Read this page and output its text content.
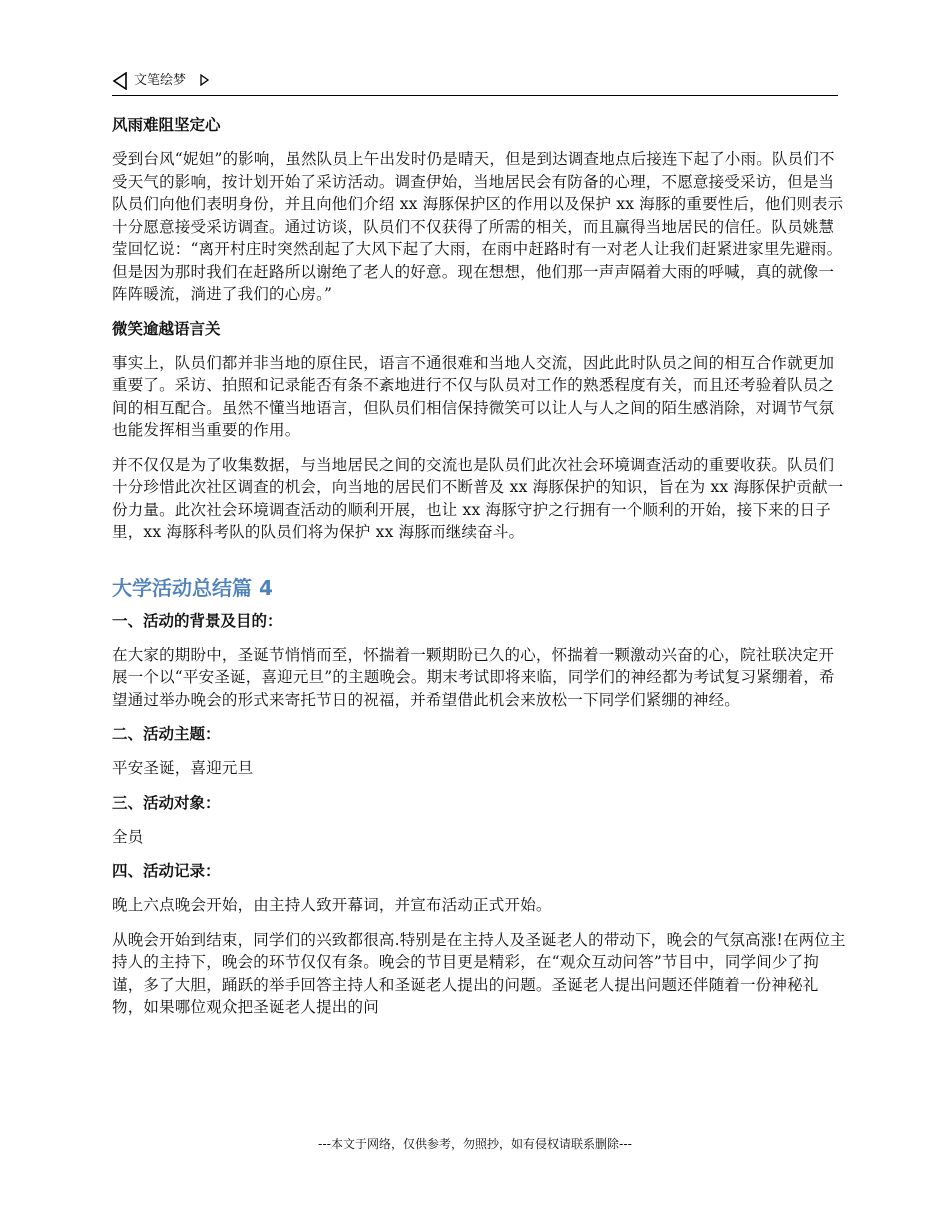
文笔绘梦
风雨难阻坚定心

受到台风“妮妲”的影响，虽然队员上午出发时仍是晴天，但是到达调查地点后接连下起了小雨。队员们不受天气的影响，按计划开始了采访活动。调查伊始，当地居民会有防备的心理，不愿意接受采访，但是当队员们向他们表明身份，并且向他们介绍 xx 海豚保护区的作用以及保护 xx 海豚的重要性后，他们则表示十分愿意接受采访调查。通过访谈，队员们不仅获得了所需的相关，而且赢得当地居民的信任。队员姚慧莹回忆说：“离开村庄时突然刮起了大风下起了大雨，在雨中赶路时有一对老人让我们赶紧进家里先避雨。但是因为那时我们在赶路所以谢绝了老人的好意。现在想想，他们那一声声隔着大雨的呼喊，真的就像一阵阵暖流，淌进了我们的心房。”

微笑逾越语言关

事实上，队员们都并非当地的原住民，语言不通很难和当地人交流，因此此时队员之间的相互合作就更加重要了。采访、拍照和记录能否有条不紊地进行不仅与队员对工作的熟悉程度有关，而且还考验着队员之间的相互配合。虽然不懂当地语言，但队员们相信保持微笑可以让人与人之间的陌生感消除，对调节气氛也能发挥相当重要的作用。

并不仅仅是为了收集数据，与当地居民之间的交流也是队员们此次社会环境调查活动的重要收获。队员们十分珍惜此次社区调查的机会，向当地的居民们不断普及 xx 海豚保护的知识，旨在为 xx 海豚保护贡献一份力量。此次社会环境调查活动的顺利开展，也让 xx 海豚守护之行拥有一个顺利的开始，接下来的日子里，xx 海豚科考队的队员们将为保护 xx 海豚而继续奋斗。

大学活动总结篇 4
一、活动的背景及目的：

在大家的期盼中，圣诞节悄悄而至，怀揣着一颗期盼已久的心，怀揣着一颗激动兴奋的心，院社联决定开展一个以“平安圣诞，喜迎元旦”的主题晚会。期末考试即将来临，同学们的神经都为考试复习紧绷着，希望通过举办晚会的形式来寄托节日的祝福，并希望借此机会来放松一下同学们紧绷的神经。

二、活动主题：

平安圣诞，喜迎元旦

三、活动对象：

全员

四、活动记录：

晚上六点晚会开始，由主持人致开幕词，并宣布活动正式开始。

从晚会开始到结束，同学们的兴致都很高.特别是在主持人及圣诞老人的带动下，晚会的气氛高涨!在两位主持人的主持下，晚会的环节仅仅有条。晚会的节目更是精彩，在“观众互动问答”节目中，同学间少了拘谨，多了大胆，踊跃的举手回答主持人和圣诞老人提出的问题。圣诞老人提出问题还伴随着一份神秘礼物，如果哪位观众把圣诞老人提出的问

---本文于网络，仅供参考，勿照抄，如有侵权请联系删除---
